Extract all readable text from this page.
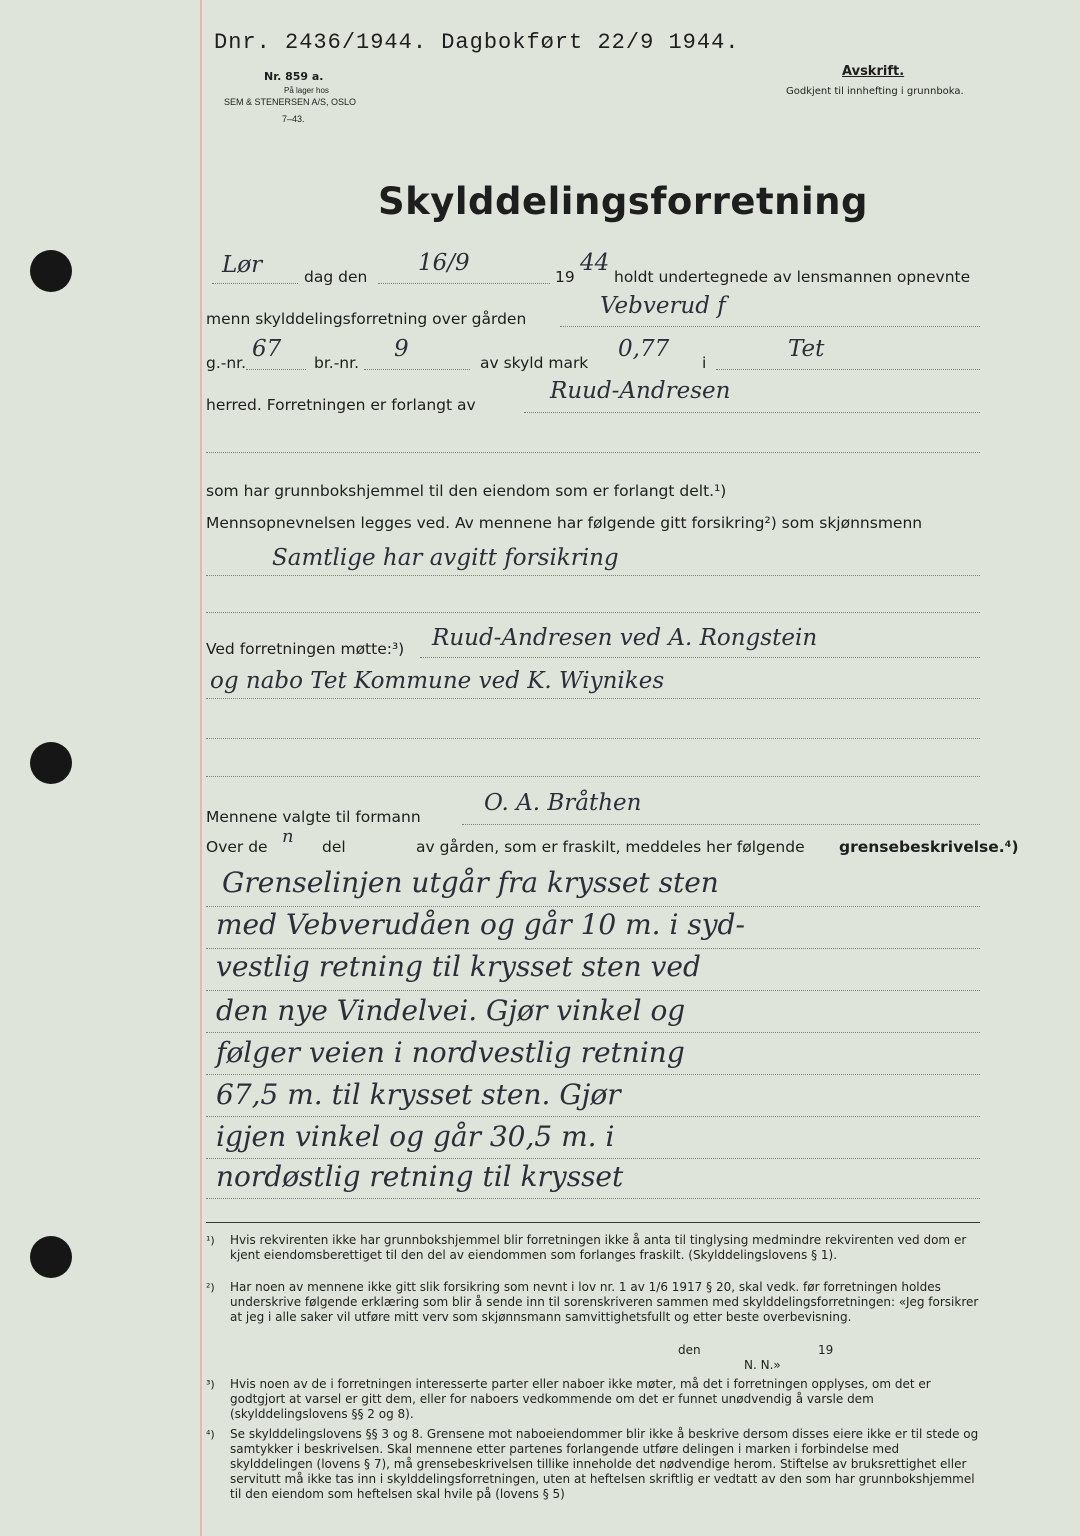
Dnr. 2436/1944. Dagbokført 22/9 1944.
Nr. 859 a.
På lager hos
SEM & STENERSEN A/S, OSLO
7–43.
Avskrift.
Godkjent til innhefting i grunnboka.
Skylddelingsforretning
Lør	dag den
16/9
19
44
holdt undertegnede av lensmannen opnevnte
menn skylddelingsforretning over gården	Vebverud f
g.-nr.
67
br.-nr.
9
av skyld mark
0,77
i
Tet
herred. Forretningen er forlangt av
Ruud-Andresen
som har grunnbokshjemmel til den eiendom som er forlangt delt.¹)
Mennsopnevnelsen legges ved. Av mennene har følgende gitt forsikring²) som skjønnsmenn
Samtlige har avgitt forsikring
Ved forretningen møtte:³) Ruud-Andresen ved A. Rongstein
og nabo Tet Kommune ved K. Wiynikes
Mennene valgte til formann
O. A. Bråthen
Over de n del	av gården, som er fraskilt, meddeles her følgende grensebeskrivelse.⁴)
Grenselinjen utgår fra krysset sten
med Vebverudåen og går 10 m. i syd-
vestlig retning til krysset sten ved
den nye Vindelvei. Gjør vinkel og
følger veien i nordvestlig retning
67,5 m. til krysset sten. Gjør
igjen vinkel og går 30,5 m. i
nordøstlig retning til krysset
¹) Hvis rekvirenten ikke har grunnbokshjemmel blir forretningen ikke å anta til tinglysing medmindre rekvirenten ved dom er kjent eiendomsberettiget til den del av eiendommen som forlanges fraskilt. (Skylddelingslovens § 1).
²) Har noen av mennene ikke gitt slik forsikring som nevnt i lov nr. 1 av 1/6 1917 § 20, skal vedk. før forretningen holdes underskrive følgende erklæring som blir å sende inn til sorenskriveren sammen med skylddelingsforretningen: «Jeg forsikrer at jeg i alle saker vil utføre mitt verv som skjønnsmann samvittighetsfullt og etter beste overbevisning.
den	19
N. N.»
³) Hvis noen av de i forretningen interesserte parter eller naboer ikke møter, må det i forretningen opplyses, om det er godtgjort at varsel er gitt dem, eller for naboers vedkommende om det er funnet unødvendig å varsle dem (skylddelingslovens §§ 2 og 8).
⁴) Se skylddelingslovens §§ 3 og 8. Grensene mot naboeiendommer blir ikke å beskrive dersom disses eiere ikke er til stede og samtykker i beskrivelsen. Skal mennene etter partenes forlangende utføre delingen i marken i forbindelse med skylddelingen (lovens § 7), må grensebeskrivelsen tillike inneholde det nødvendige herom. Stiftelse av bruksrettighet eller servitutt må ikke tas inn i skylddelingsforretningen, uten at heftelsen skriftlig er vedtatt av den som har grunnbokshjemmel til den eiendom som heftelsen skal hvile på (lovens § 5)
